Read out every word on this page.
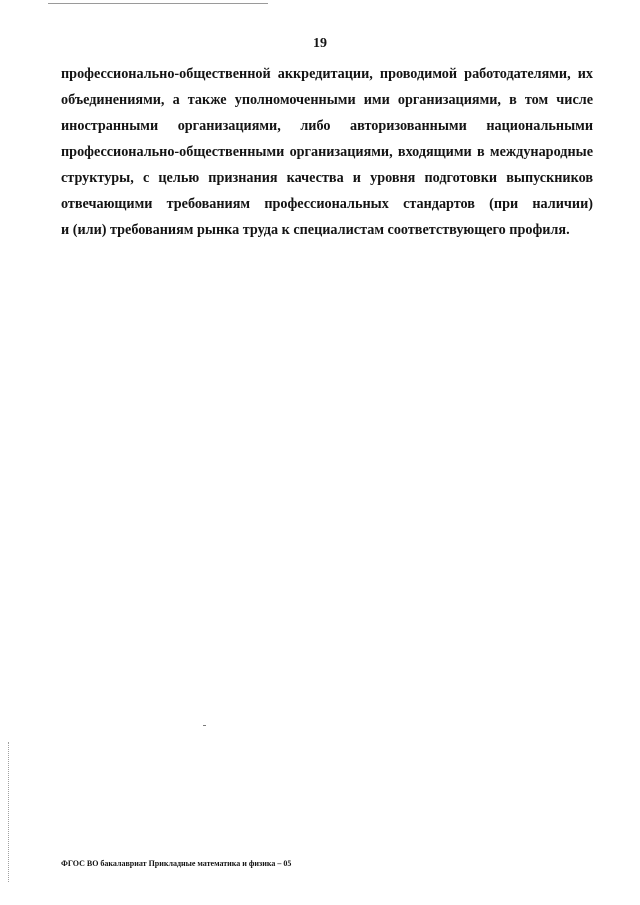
19
профессионально-общественной аккредитации, проводимой работодателями, их
объединениями, а также уполномоченными ими организациями, в том числе
иностранными организациями, либо авторизованными национальными
профессионально-общественными организациями, входящими в международные
структуры, с целью признания качества и уровня подготовки выпускников
отвечающими требованиям профессиональных стандартов (при наличии)
и (или) требованиям рынка труда к специалистам соответствующего профиля.
ФГОС ВО бакалавриат Прикладные математика и физика – 05
